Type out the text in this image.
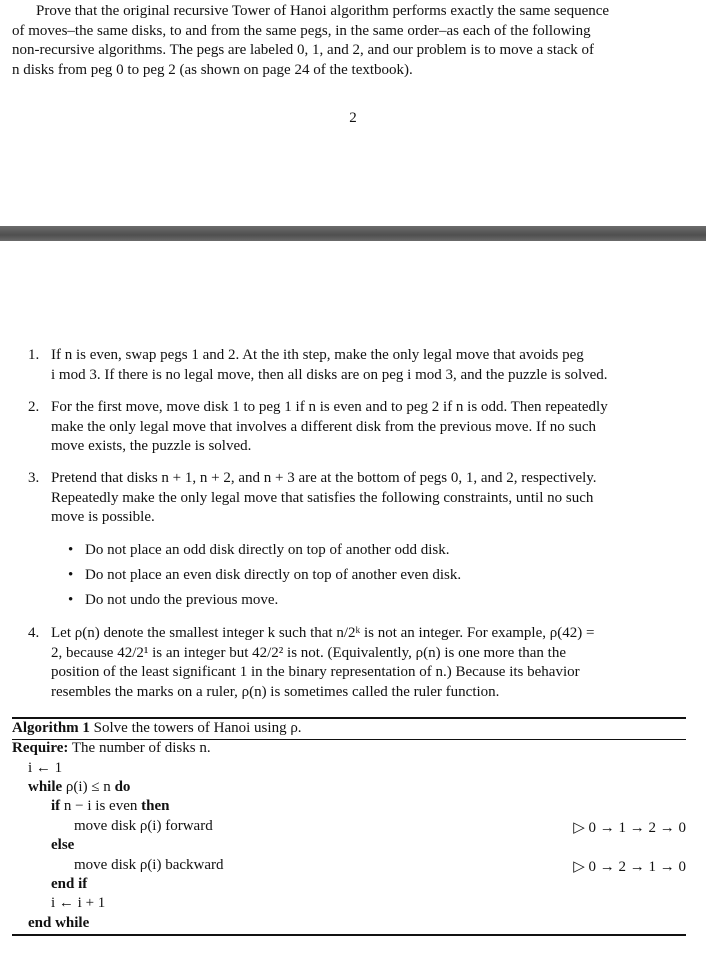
Prove that the original recursive Tower of Hanoi algorithm performs exactly the same sequence
of moves–the same disks, to and from the same pegs, in the same order–as each of the following
non-recursive algorithms. The pegs are labeled 0, 1, and 2, and our problem is to move a stack of
n disks from peg 0 to peg 2 (as shown on page 24 of the textbook).
2
1. If n is even, swap pegs 1 and 2. At the ith step, make the only legal move that avoids peg
i mod 3. If there is no legal move, then all disks are on peg i mod 3, and the puzzle is solved.
2. For the first move, move disk 1 to peg 1 if n is even and to peg 2 if n is odd. Then repeatedly
make the only legal move that involves a different disk from the previous move. If no such
move exists, the puzzle is solved.
3. Pretend that disks n + 1, n + 2, and n + 3 are at the bottom of pegs 0, 1, and 2, respectively.
Repeatedly make the only legal move that satisfies the following constraints, until no such
move is possible.
• Do not place an odd disk directly on top of another odd disk.
• Do not place an even disk directly on top of another even disk.
• Do not undo the previous move.
4. Let ρ(n) denote the smallest integer k such that n/2ᵏ is not an integer. For example, ρ(42) =
2, because 42/2¹ is an integer but 42/2² is not. (Equivalently, ρ(n) is one more than the
position of the least significant 1 in the binary representation of n.) Because its behavior
resembles the marks on a ruler, ρ(n) is sometimes called the ruler function.
Algorithm 1 Solve the towers of Hanoi using ρ.
Require: The number of disks n.
i ← 1
while ρ(i) ≤ n do
if n − i is even then
move disk ρ(i) forward	▷ 0 → 1 → 2 → 0
else
move disk ρ(i) backward	▷ 0 → 2 → 1 → 0
end if
i ← i + 1
end while
